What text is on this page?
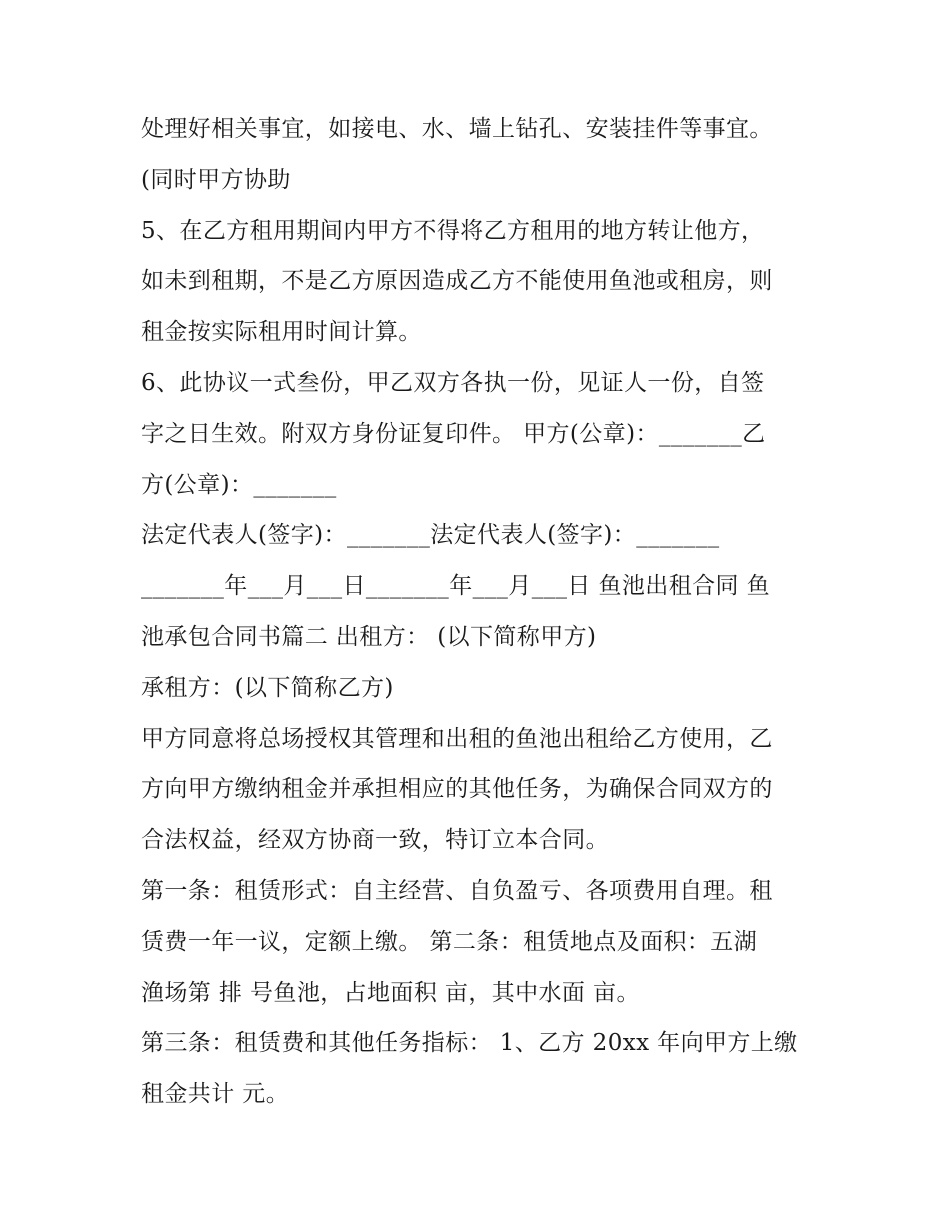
处理好相关事宜，如接电、水、墙上钻孔、安装挂件等事宜。
(同时甲方协助
5、在乙方租用期间内甲方不得将乙方租用的地方转让他方，
如未到租期，不是乙方原因造成乙方不能使用鱼池或租房，则
租金按实际租用时间计算。
6、此协议一式叁份，甲乙双方各执一份，见证人一份，自签
字之日生效。附双方身份证复印件。 甲方(公章)：_______乙
方(公章)：_______
法定代表人(签字)：_______法定代表人(签字)：_______
_______年___月___日_______年___月___日 鱼池出租合同 鱼
池承包合同书篇二 出租方： (以下简称甲方)
承租方：(以下简称乙方)
甲方同意将总场授权其管理和出租的鱼池出租给乙方使用，乙
方向甲方缴纳租金并承担相应的其他任务，为确保合同双方的
合法权益，经双方协商一致，特订立本合同。
第一条：租赁形式：自主经营、自负盈亏、各项费用自理。租
赁费一年一议，定额上缴。 第二条：租赁地点及面积：五湖
渔场第 排 号鱼池，占地面积 亩，其中水面 亩。
第三条：租赁费和其他任务指标： 1、乙方 20xx 年向甲方上缴
租金共计 元。
